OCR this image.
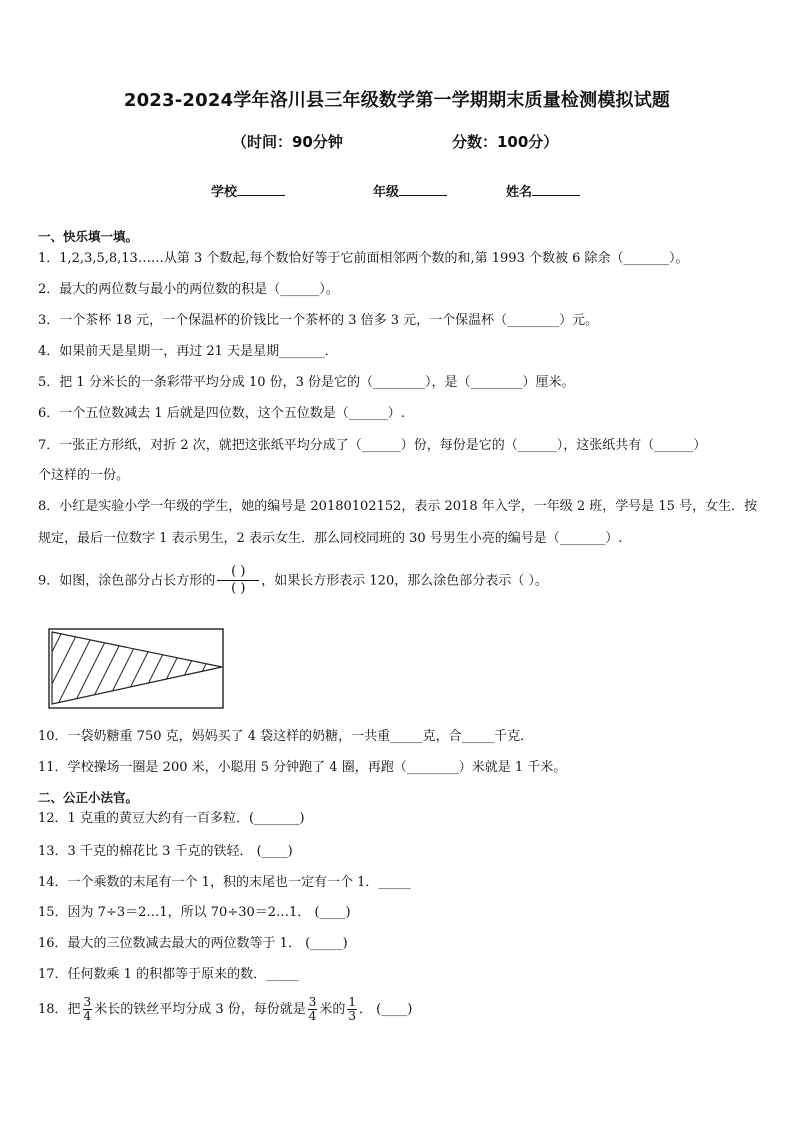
2023-2024学年洛川县三年级数学第一学期期末质量检测模拟试题
（时间：90分钟	分数：100分）
学校	年级	姓名
一、快乐填一填。
1．1,2,3,5,8,13……从第 3 个数起,每个数恰好等于它前面相邻两个数的和,第 1993 个数被 6 除余（_______）。
2．最大的两位数与最小的两位数的积是（______）。
3．一个茶杯 18 元，一个保温杯的价钱比一个茶杯的 3 倍多 3 元，一个保温杯（________）元。
4．如果前天是星期一，再过 21 天是星期_______．
5．把 1 分米长的一条彩带平均分成 10 份，3 份是它的（________），是（________）厘米。
6．一个五位数减去 1 后就是四位数，这个五位数是（______）.
7．一张正方形纸，对折 2 次，就把这张纸平均分成了（______）份，每份是它的（______），这张纸共有（______）
个这样的一份。
8．小红是实验小学一年级的学生，她的编号是 20180102152，表示 2018 年入学，一年级 2 班，学号是 15 号，女生．按
规定，最后一位数字 1 表示男生，2 表示女生．那么同校同班的 30 号男生小亮的编号是（_______）.
9．如图，涂色部分占长方形的
( )
( )
，如果长方形表示 120，那么涂色部分表示（ ）。
10．一袋奶糖重 750 克，妈妈买了 4 袋这样的奶糖，一共重_____克，合_____千克．
11．学校操场一圈是 200 米，小聪用 5 分钟跑了 4 圈，再跑（________）米就是 1 千米。
二、公正小法官。
12．1 克重的黄豆大约有一百多粒．(_______)
13．3 千克的棉花比 3 千克的铁轻． (____)
14．一个乘数的末尾有一个 1，积的末尾也一定有一个 1．_____
15．因为 7÷3＝2…1，所以 70÷30＝2…1． (____)
16．最大的三位数减去最大的两位数等于 1． (_____)
17．任何数乘 1 的积都等于原来的数．_____
18．把 $\frac{3}{4}$ 米长的铁丝平均分成 3 份，每份就是 $\frac{3}{4}$ 米的 $\frac{1}{3}$ ． (____)
